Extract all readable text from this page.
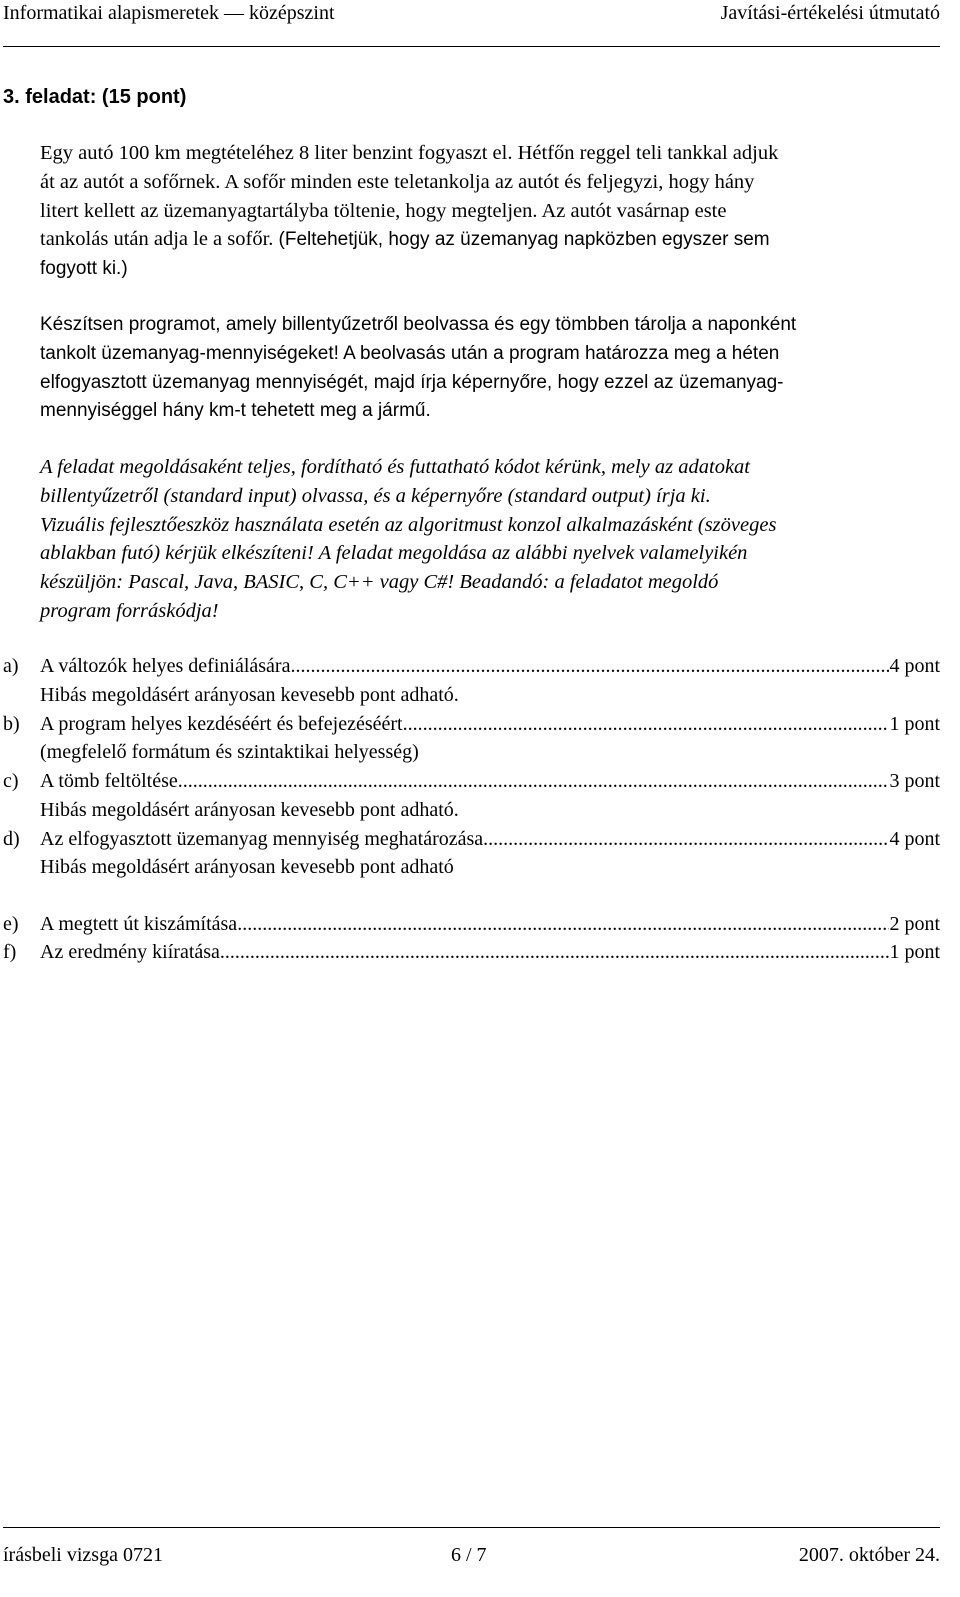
Informatikai alapismeretek — középszint	Javítási-értékelési útmutató
3. feladat: (15 pont)
Egy autó 100 km megtételéhez 8 liter benzint fogyaszt el. Hétfőn reggel teli tankkal adjuk
át az autót a sofőrnek. A sofőr minden este teletankolja az autót és feljegyzi, hogy hány
litert kellett az üzemanyagtartályba töltenie, hogy megteljen. Az autót vasárnap este
tankolás után adja le a sofőr. (Feltehetjük, hogy az üzemanyag napközben egyszer sem
fogyott ki.)
Készítsen programot, amely billentyűzetről beolvassa és egy tömbben tárolja a naponként
tankolt üzemanyag-mennyiségeket! A beolvasás után a program határozza meg a héten
elfogyasztott üzemanyag mennyiségét, majd írja képernyőre, hogy ezzel az üzemanyag-
mennyiséggel hány km-t tehetett meg a jármű.
A feladat megoldásaként teljes, fordítható és futtatható kódot kérünk, mely az adatokat
billentyűzetről (standard input) olvassa, és a képernyőre (standard output) írja ki.
Vizuális fejlesztőeszköz használata esetén az algoritmust konzol alkalmazásként (szöveges
ablakban futó) kérjük elkészíteni! A feladat megoldása az alábbi nyelvek valamelyikén
készüljön: Pascal, Java, BASIC, C, C++ vagy C#! Beadandó: a feladatot megoldó
program forráskódja!
a) A változók helyes definiálására .....	4 pont
Hibás megoldásért arányosan kevesebb pont adható.
b) A program helyes kezdéséért és befejezéséért .....	1 pont
(megfelelő formátum és szintaktikai helyesség)
c) A tömb feltöltése .....	3 pont
Hibás megoldásért arányosan kevesebb pont adható.
d) Az elfogyasztott üzemanyag mennyiség meghatározása .....	4 pont
Hibás megoldásért arányosan kevesebb pont adható
e) A megtett út kiszámítása .....	2 pont
f) Az eredmény kiíratása .....	1 pont
írásbeli vizsga 0721	6 / 7	2007. október 24.
